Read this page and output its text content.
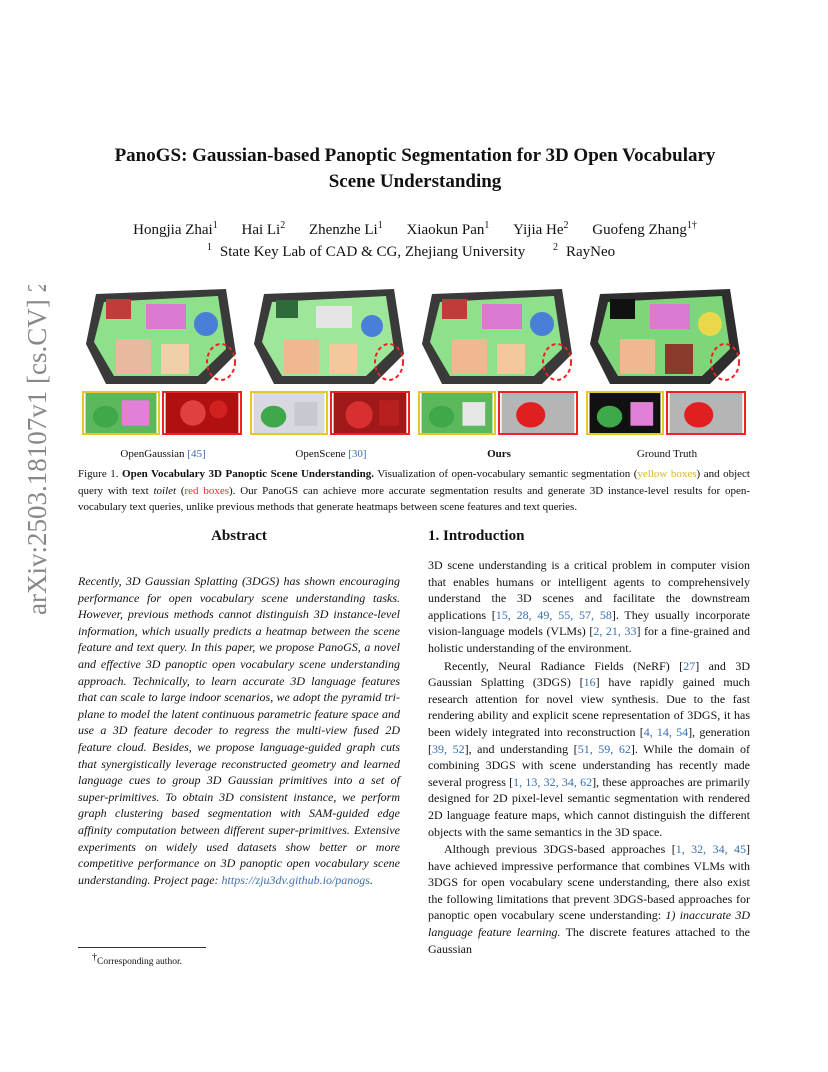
arXiv:2503.18107v1 [cs.CV] 23 Mar 2025	PanoGS: Gaussian-based Panoptic Segmentation for 3D Open Vocabulary
Scene Understanding
Hongjia Zhai$^1$ Hai Li$^2$ Zhenzhe Li$^1$ Xiaokun Pan$^1$ Yijia He$^2$ Guofeng Zhang$^{1\dagger}$
$^1$ State Key Lab of CAD & CG, Zhejiang University	$^2$ RayNeo
OpenGaussian [45]	OpenScene [30]	Ours	Ground Truth
Figure 1. Open Vocabulary 3D Panoptic Scene Understanding. Visualization of open-vocabulary semantic segmentation (yellow boxes) and object query with text toilet (red boxes). Our PanoGS can achieve more accurate segmentation results and generate 3D instance-level results for open-vocabulary text queries, unlike previous methods that generate heatmaps between scene features and text queries.
Abstract
Recently, 3D Gaussian Splatting (3DGS) has shown encouraging performance for open vocabulary scene understanding tasks. However, previous methods cannot distinguish 3D instance-level information, which usually predicts a heatmap between the scene feature and text query. In this paper, we propose PanoGS, a novel and effective 3D panoptic open vocabulary scene understanding approach. Technically, to learn accurate 3D language features that can scale to large indoor scenarios, we adopt the pyramid tri-plane to model the latent continuous parametric feature space and use a 3D feature decoder to regress the multi-view fused 2D feature cloud. Besides, we propose language-guided graph cuts that synergistically leverage reconstructed geometry and learned language cues to group 3D Gaussian primitives into a set of super-primitives. To obtain 3D consistent instance, we perform graph clustering based segmentation with SAM-guided edge affinity computation between different super-primitives. Extensive experiments on widely used datasets show better or more competitive performance on 3D panoptic open vocabulary scene understanding. Project page: https://zju3dv.github.io/panogs.
1. Introduction

3D scene understanding is a critical problem in computer vision that enables humans or intelligent agents to comprehensively understand the 3D scenes and facilitate the downstream applications [15, 28, 49, 55, 57, 58]. They usually incorporate vision-language models (VLMs) [2, 21, 33] for a fine-grained and holistic understanding of the environment.

Recently, Neural Radiance Fields (NeRF) [27] and 3D Gaussian Splatting (3DGS) [16] have rapidly gained much research attention for novel view synthesis. Due to the fast rendering ability and explicit scene representation of 3DGS, it has been widely integrated into reconstruction [4, 14, 54], generation [39, 52], and understanding [51, 59, 62]. While the domain of combining 3DGS with scene understanding has recently made several progress [1, 13, 32, 34, 62], these approaches are primarily designed for 2D pixel-level semantic segmentation with rendered 2D language feature maps, which cannot distinguish the different objects with the same semantics in the 3D space.

Although previous 3DGS-based approaches [1, 32, 34, 45] have achieved impressive performance that combines VLMs with 3DGS for open vocabulary scene understanding, there also exist the following limitations that prevent 3DGS-based approaches for panoptic open vocabulary scene understanding: 1) inaccurate 3D language feature learning. The discrete features attached to the Gaussian

†Corresponding author.
